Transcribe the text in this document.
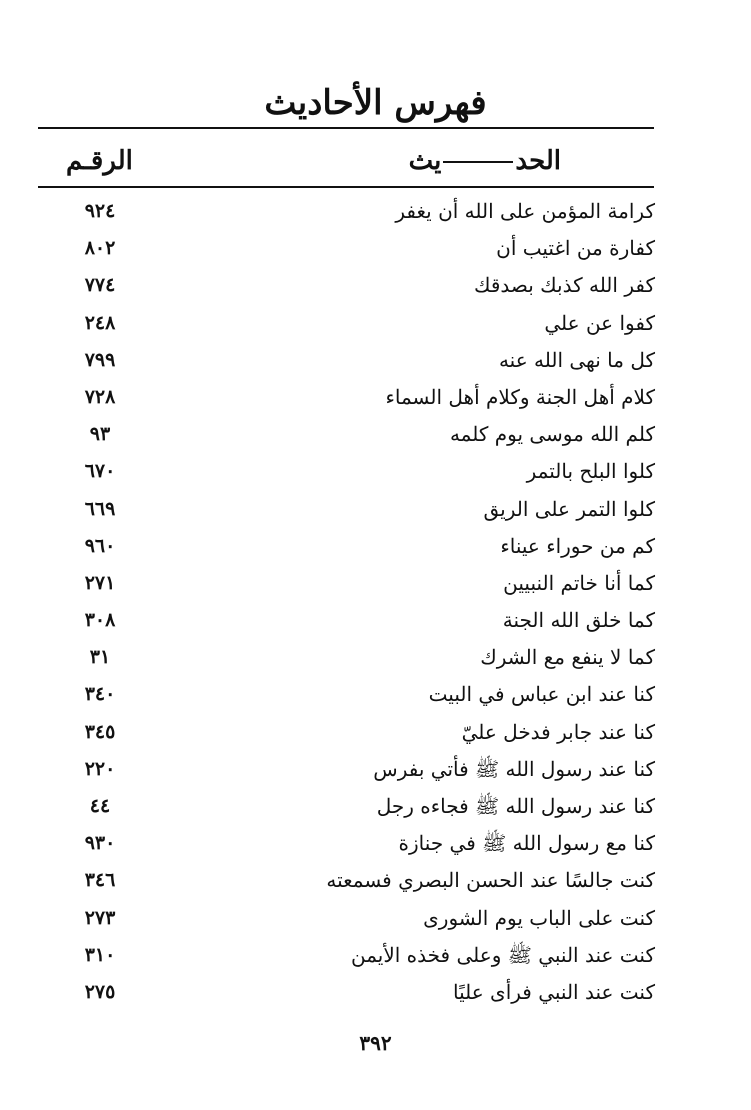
فهرس الأحاديث
الحديث
الرقـم
كرامة المؤمن على الله أن يغفر
٩٢٤
كفارة من اغتيب أن
٨٠٢
كفر الله كذبك بصدقك
٧٧٤
كفوا عن علي
٢٤٨
كل ما نهى الله عنه
٧٩٩
كلام أهل الجنة وكلام أهل السماء
٧٢٨
كلم الله موسى يوم كلمه
٩٣
كلوا البلح بالتمر
٦٧٠
كلوا التمر على الريق
٦٦٩
كم من حوراء عيناء
٩٦٠
كما أنا خاتم النبيين
٢٧١
كما خلق الله الجنة
٣٠٨
كما لا ينفع مع الشرك
٣١
كنا عند ابن عباس في البيت
٣٤٠
كنا عند جابر فدخل عليّ
٣٤٥
كنا عند رسول الله ﷺ فأتي بفرس
٢٢٠
كنا عند رسول الله ﷺ فجاءه رجل
٤٤
كنا مع رسول الله ﷺ في جنازة
٩٣٠
كنت جالسًا عند الحسن البصري فسمعته
٣٤٦
كنت على الباب يوم الشورى
٢٧٣
كنت عند النبي ﷺ وعلى فخذه الأيمن
٣١٠
كنت عند النبي فرأى عليًا
٢٧٥
٣٩٢
